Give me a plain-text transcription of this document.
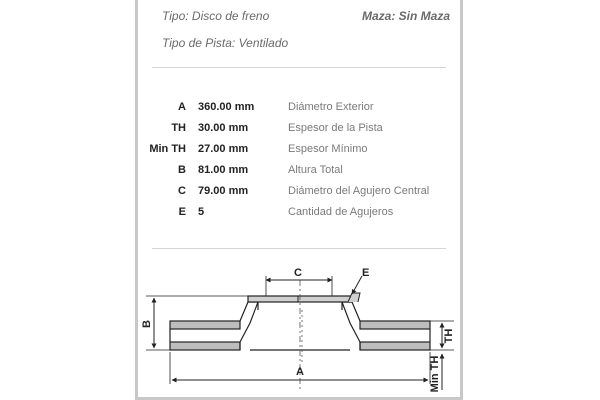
Tipo: Disco de freno	Maza: Sin Maza
Tipo de Pista: Ventilado
A	360.00 mm	Diámetro Exterior
TH	30.00 mm	Espesor de la Pista
Min TH	27.00 mm	Espesor Mínimo
B	81.00 mm	Altura Total
C	79.00 mm	Diámetro del Agujero Central
E	5	Cantidad de Agujeros
C	E
B
A
TH
Min TH
